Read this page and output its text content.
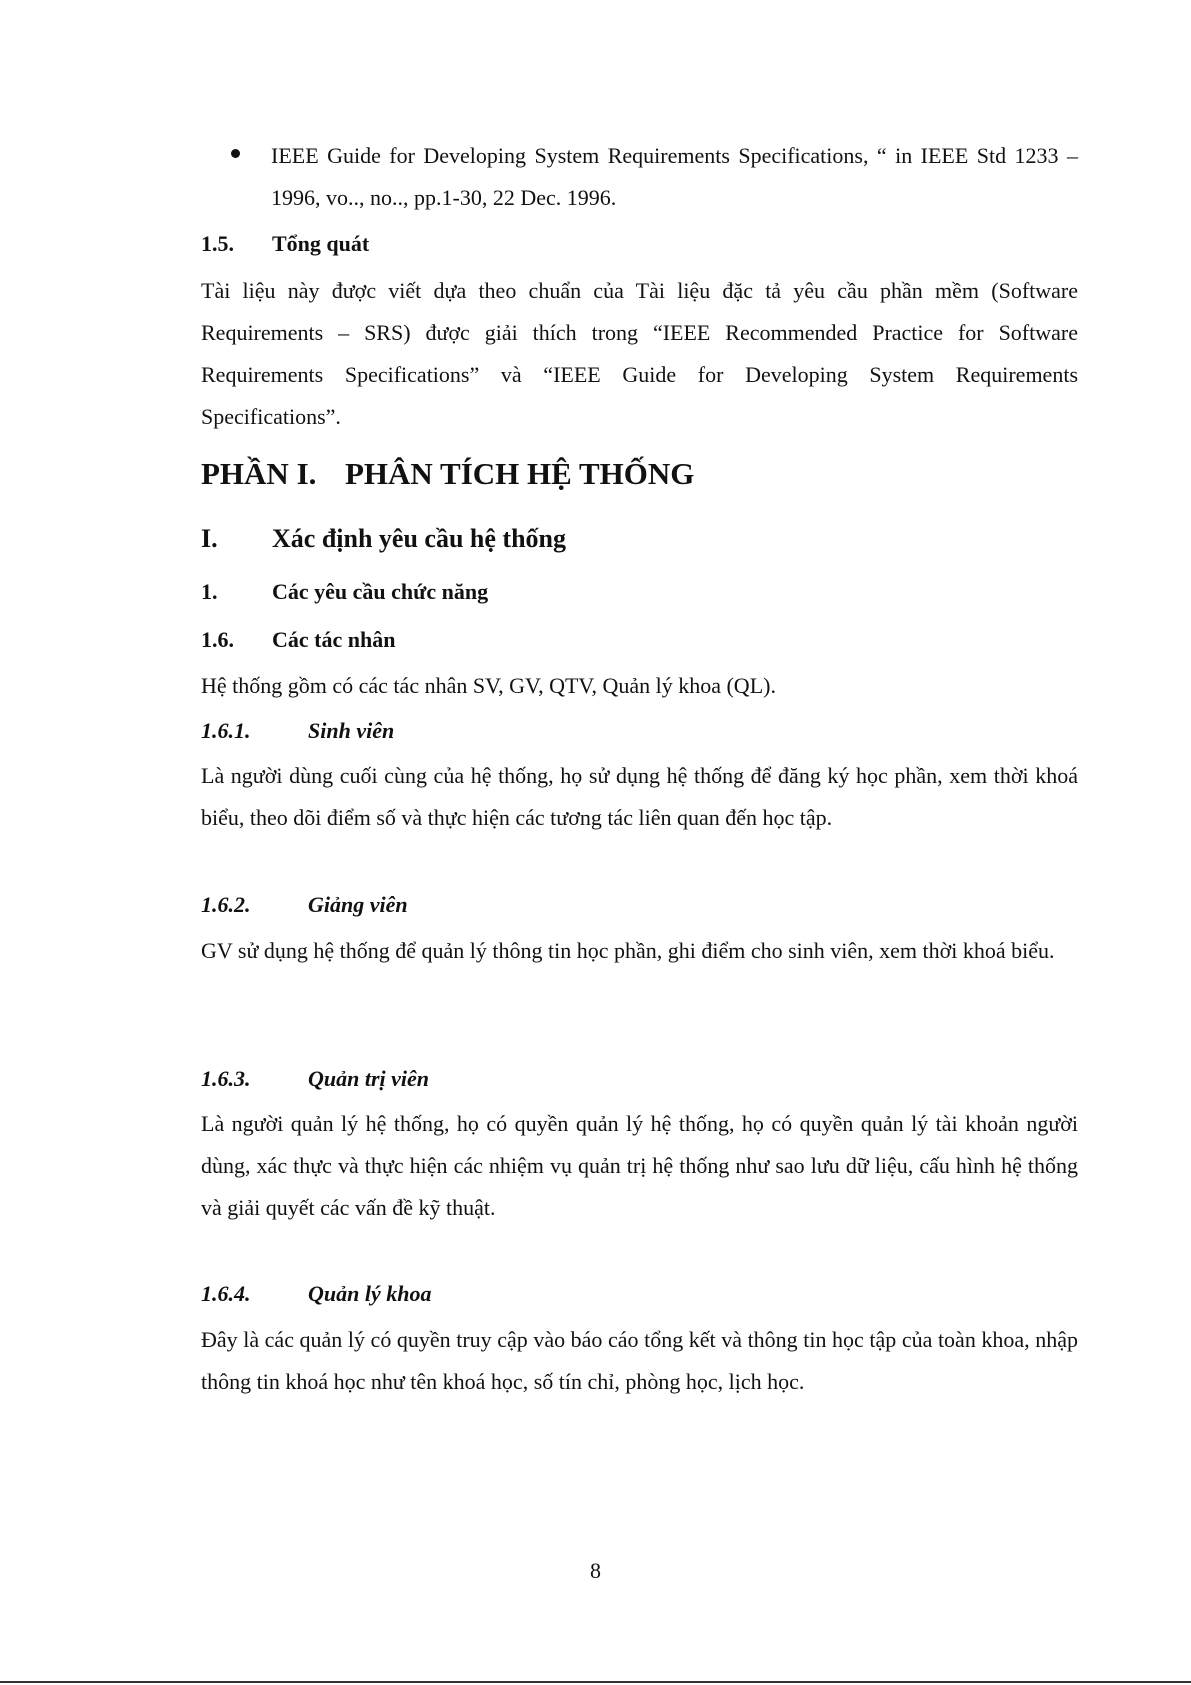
IEEE Guide for Developing System Requirements Specifications, “ in IEEE Std 1233 – 1996, vo.., no.., pp.1-30, 22 Dec. 1996.

1.5. Tổng quát

Tài liệu này được viết dựa theo chuẩn của Tài liệu đặc tả yêu cầu phần mềm (Software Requirements – SRS) được giải thích trong “IEEE Recommended Practice for Software Requirements Specifications” và “IEEE Guide for Developing System Requirements Specifications”.

PHẦN I. PHÂN TÍCH HỆ THỐNG
I. Xác định yêu cầu hệ thống
1. Các yêu cầu chức năng
1.6. Các tác nhân

Hệ thống gồm có các tác nhân SV, GV, QTV, Quản lý khoa (QL).

1.6.1.	Sinh viên

Là người dùng cuối cùng của hệ thống, họ sử dụng hệ thống để đăng ký học phần, xem thời khoá biểu, theo dõi điểm số và thực hiện các tương tác liên quan đến học tập.

1.6.2.	Giảng viên

GV sử dụng hệ thống để quản lý thông tin học phần, ghi điểm cho sinh viên, xem thời khoá biểu.

1.6.3.	Quản trị viên

Là người quản lý hệ thống, họ có quyền quản lý hệ thống, họ có quyền quản lý tài khoản người dùng, xác thực và thực hiện các nhiệm vụ quản trị hệ thống như sao lưu dữ liệu, cấu hình hệ thống và giải quyết các vấn đề kỹ thuật.

1.6.4.	Quản lý khoa

Đây là các quản lý có quyền truy cập vào báo cáo tổng kết và thông tin học tập của toàn khoa, nhập thông tin khoá học như tên khoá học, số tín chỉ, phòng học, lịch học.

8
